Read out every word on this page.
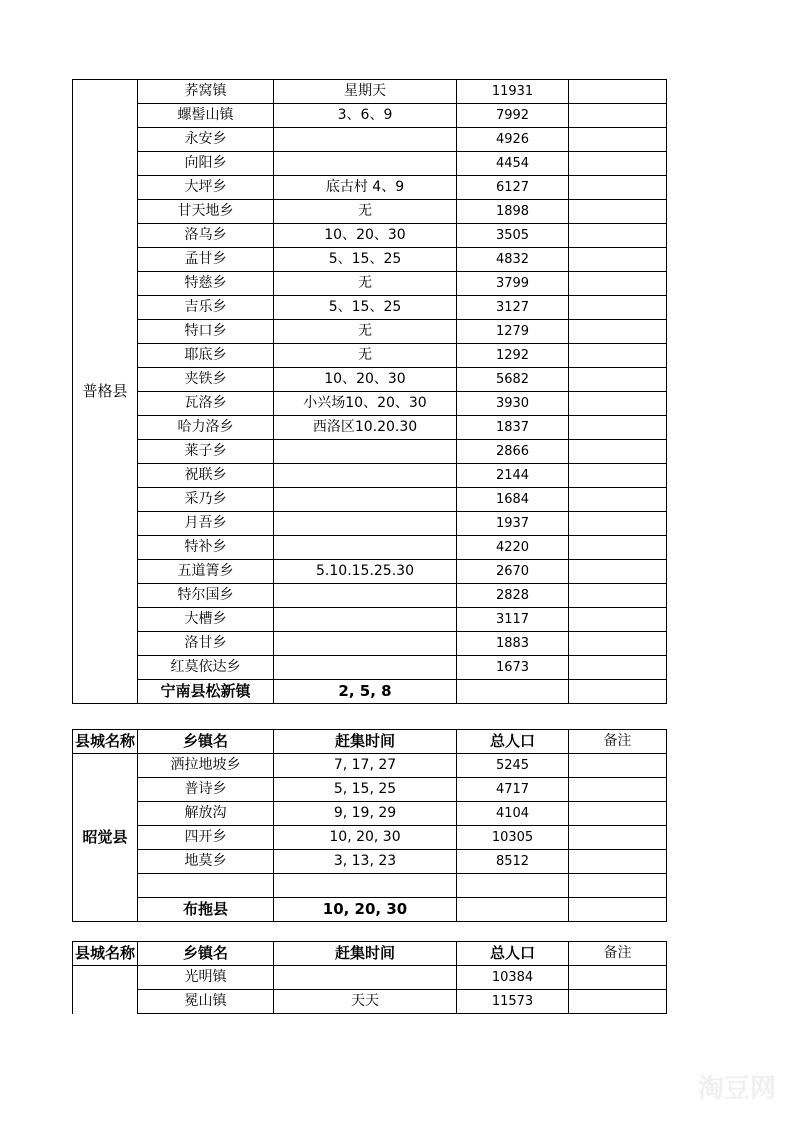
普格县	荞窝镇	星期天	11931	
	螺髻山镇	3、6、9	7992	
	永安乡		4926	
	向阳乡		4454	
	大坪乡	底古村 4、9	6127	
	甘天地乡	无	1898	
	洛乌乡	10、20、30	3505	
	孟甘乡	5、15、25	4832	
	特慈乡	无	3799	
	吉乐乡	5、15、25	3127	
	特口乡	无	1279	
	耶底乡	无	1292	
	夹铁乡	10、20、30	5682	
	瓦洛乡	小兴场10、20、30	3930	
	哈力洛乡	西洛区10.20.30	1837	
	莱子乡		2866	
	祝联乡		2144	
	采乃乡		1684	
	月吾乡		1937	
	特补乡		4220	
	五道箐乡	5.10.15.25.30	2670	
	特尔国乡		2828	
	大槽乡		3117	
	洛甘乡		1883	
	红莫依达乡		1673	
	宁南县松新镇	2, 5, 8		
县城名称	乡镇名	赶集时间	总人口	备注
昭觉县	洒拉地坡乡	7, 17, 27	5245	
	普诗乡	5, 15, 25	4717	
	解放沟	9, 19, 29	4104	
	四开乡	10, 20, 30	10305	
	地莫乡	3, 13, 23	8512	

	布拖县	10, 20, 30		
县城名称	乡镇名	赶集时间	总人口	备注
	光明镇		10384	
	冕山镇	天天	11573	
淘豆网
